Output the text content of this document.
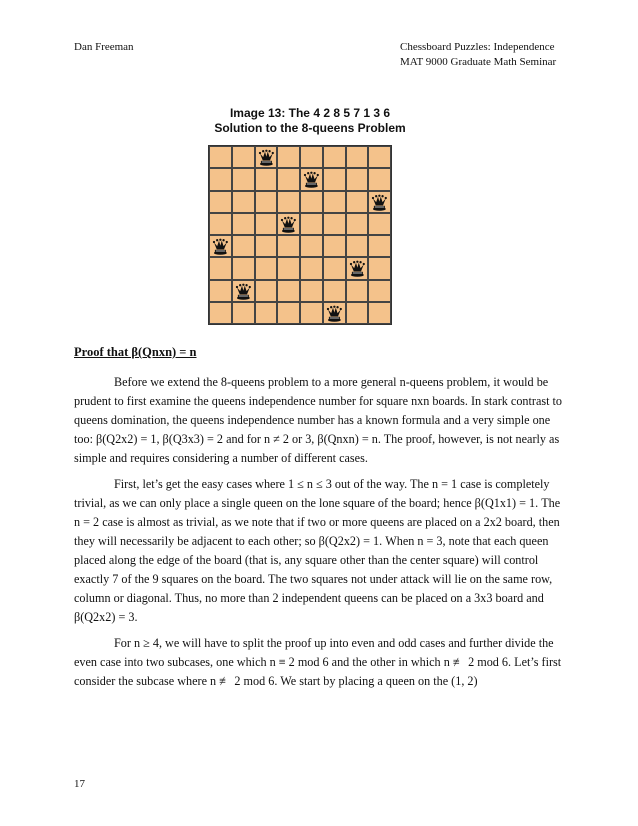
Dan Freeman	Chessboard Puzzles: Independence
MAT 9000 Graduate Math Seminar
Image 13: The 4 2 8 5 7 1 3 6
Solution to the 8-queens Problem
Proof that β(Qnxn) = n

Before we extend the 8-queens problem to a more general n-queens problem, it would be prudent to first examine the queens independence number for square nxn boards. In stark contrast to queens domination, the queens independence number has a known formula and a very simple one too: β(Q2x2) = 1, β(Q3x3) = 2 and for n ≠ 2 or 3, β(Qnxn) = n. The proof, however, is not nearly as simple and requires considering a number of different cases.

First, let’s get the easy cases where 1 ≤ n ≤ 3 out of the way. The n = 1 case is completely trivial, as we can only place a single queen on the lone square of the board; hence β(Q1x1) = 1. The n = 2 case is almost as trivial, as we note that if two or more queens are placed on a 2x2 board, then they will necessarily be adjacent to each other; so β(Q2x2) = 1. When n = 3, note that each queen placed along the edge of the board (that is, any square other than the center square) will control exactly 7 of the 9 squares on the board. The two squares not under attack will lie on the same row, column or diagonal. Thus, no more than 2 independent queens can be placed on a 3x3 board and β(Q2x2) = 3.

For n ≥ 4, we will have to split the proof up into even and odd cases and further divide the even case into two subcases, one which n ≡ 2 mod 6 and the other in which n ≢ 2 mod 6. Let’s first consider the subcase where n ≢ 2 mod 6. We start by placing a queen on the (1, 2)

17
